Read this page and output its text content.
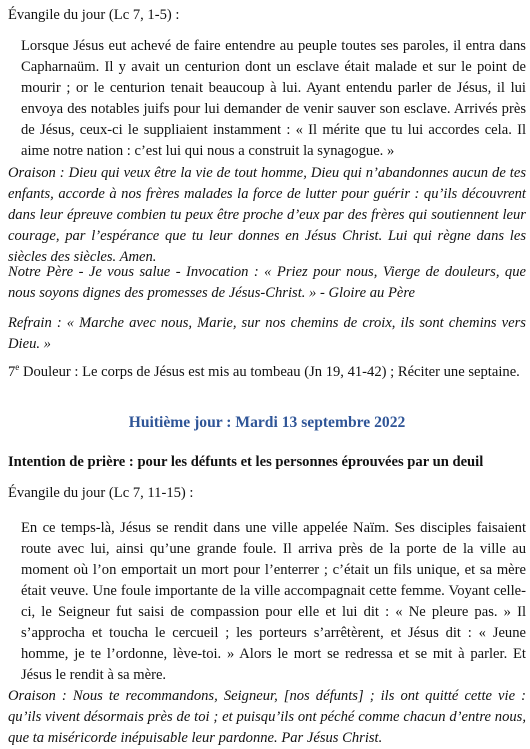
Évangile du jour (Lc 7, 1-5) :

Lorsque Jésus eut achevé de faire entendre au peuple toutes ses paroles, il entra dans Capharnaüm. Il y avait un centurion dont un esclave était malade et sur le point de mourir ; or le centurion tenait beaucoup à lui. Ayant entendu parler de Jésus, il lui envoya des notables juifs pour lui demander de venir sauver son esclave. Arrivés près de Jésus, ceux-ci le suppliaient instamment : « Il mérite que tu lui accordes cela. Il aime notre nation : c’est lui qui nous a construit la synagogue. »

Oraison : Dieu qui veux être la vie de tout homme, Dieu qui n’abandonnes aucun de tes enfants, accorde à nos frères malades la force de lutter pour guérir : qu’ils découvrent dans leur épreuve combien tu peux être proche d’eux par des frères qui soutiennent leur courage, par l’espérance que tu leur donnes en Jésus Christ. Lui qui règne dans les siècles des siècles. Amen.

Notre Père - Je vous salue - Invocation : « Priez pour nous, Vierge de douleurs, que nous soyons dignes des promesses de Jésus-Christ. » - Gloire au Père

Refrain : « Marche avec nous, Marie, sur nos chemins de croix, ils sont chemins vers Dieu. »

7e Douleur : Le corps de Jésus est mis au tombeau (Jn 19, 41-42) ; Réciter une septaine.

Huitième jour : Mardi 13 septembre 2022

Intention de prière : pour les défunts et les personnes éprouvées par un deuil

Évangile du jour (Lc 7, 11-15) :

En ce temps-là, Jésus se rendit dans une ville appelée Naïm. Ses disciples faisaient route avec lui, ainsi qu’une grande foule. Il arriva près de la porte de la ville au moment où l’on emportait un mort pour l’enterrer ; c’était un fils unique, et sa mère était veuve. Une foule importante de la ville accompagnait cette femme. Voyant celle-ci, le Seigneur fut saisi de compassion pour elle et lui dit : « Ne pleure pas. » Il s’approcha et toucha le cercueil ; les porteurs s’arrêtèrent, et Jésus dit : « Jeune homme, je te l’ordonne, lève-toi. » Alors le mort se redressa et se mit à parler. Et Jésus le rendit à sa mère.

Oraison : Nous te recommandons, Seigneur, [nos défunts] ; ils ont quitté cette vie : qu’ils vivent désormais près de toi ; et puisqu’ils ont péché comme chacun d’entre nous, que ta miséricorde inépuisable leur pardonne. Par Jésus Christ.
